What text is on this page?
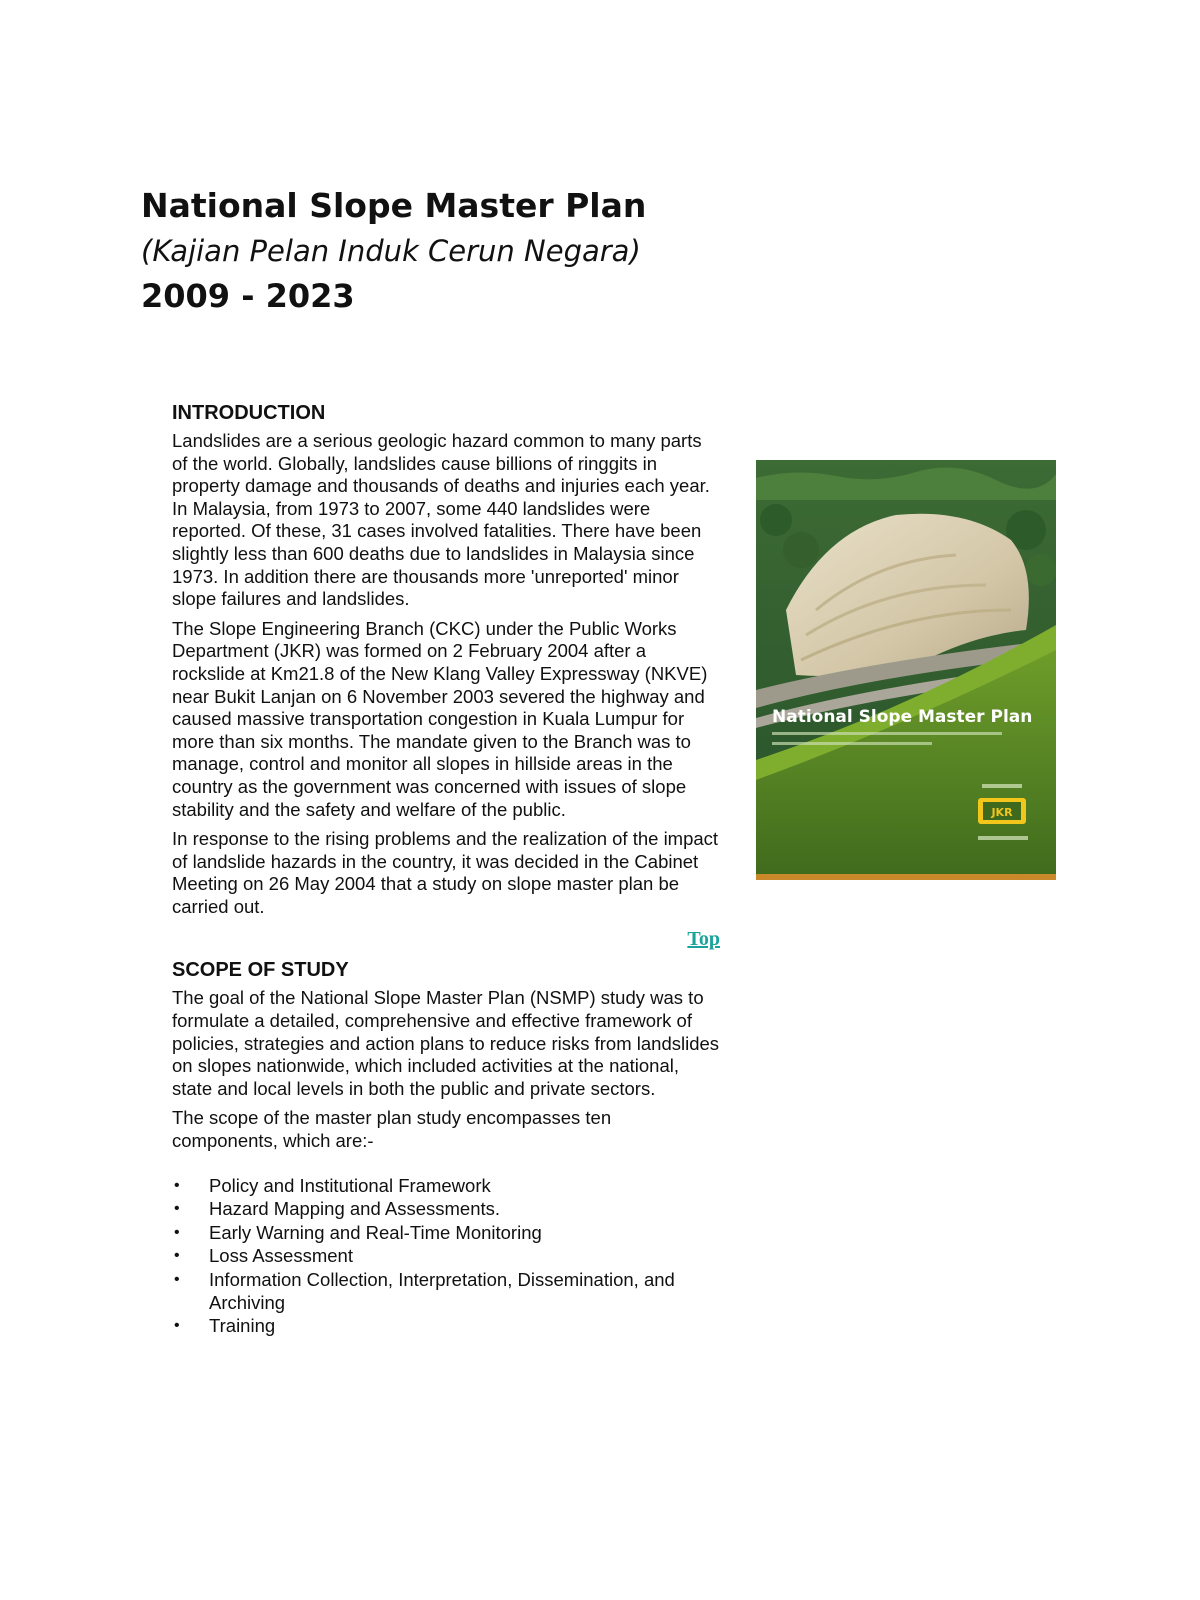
National Slope Master Plan
(Kajian Pelan Induk Cerun Negara)
2009 - 2023
INTRODUCTION

Landslides are a serious geologic hazard common to many parts of the world. Globally, landslides cause billions of ringgits in property damage and thousands of deaths and injuries each year. In Malaysia, from 1973 to 2007, some 440 landslides were reported. Of these, 31 cases involved fatalities. There have been slightly less than 600 deaths due to landslides in Malaysia since 1973. In addition there are thousands more 'unreported' minor slope failures and landslides.

The Slope Engineering Branch (CKC) under the Public Works Department (JKR) was formed on 2 February 2004 after a rockslide at Km21.8 of the New Klang Valley Expressway (NKVE) near Bukit Lanjan on 6 November 2003 severed the highway and caused massive transportation congestion in Kuala Lumpur for more than six months. The mandate given to the Branch was to manage, control and monitor all slopes in hillside areas in the country as the government was concerned with issues of slope stability and the safety and welfare of the public.

In response to the rising problems and the realization of the impact of landslide hazards in the country, it was decided in the Cabinet Meeting on 26 May 2004 that a study on slope master plan be carried out.

Top
SCOPE OF STUDY

The goal of the National Slope Master Plan (NSMP) study was to formulate a detailed, comprehensive and effective framework of policies, strategies and action plans to reduce risks from landslides on slopes nationwide, which included activities at the national, state and local levels in both the public and private sectors.

The scope of the master plan study encompasses ten components, which are:-

• Policy and Institutional Framework
• Hazard Mapping and Assessments.
• Early Warning and Real-Time Monitoring
• Loss Assessment
• Information Collection, Interpretation, Dissemination, and Archiving
• Training
National Slope Master Plan
JKR
